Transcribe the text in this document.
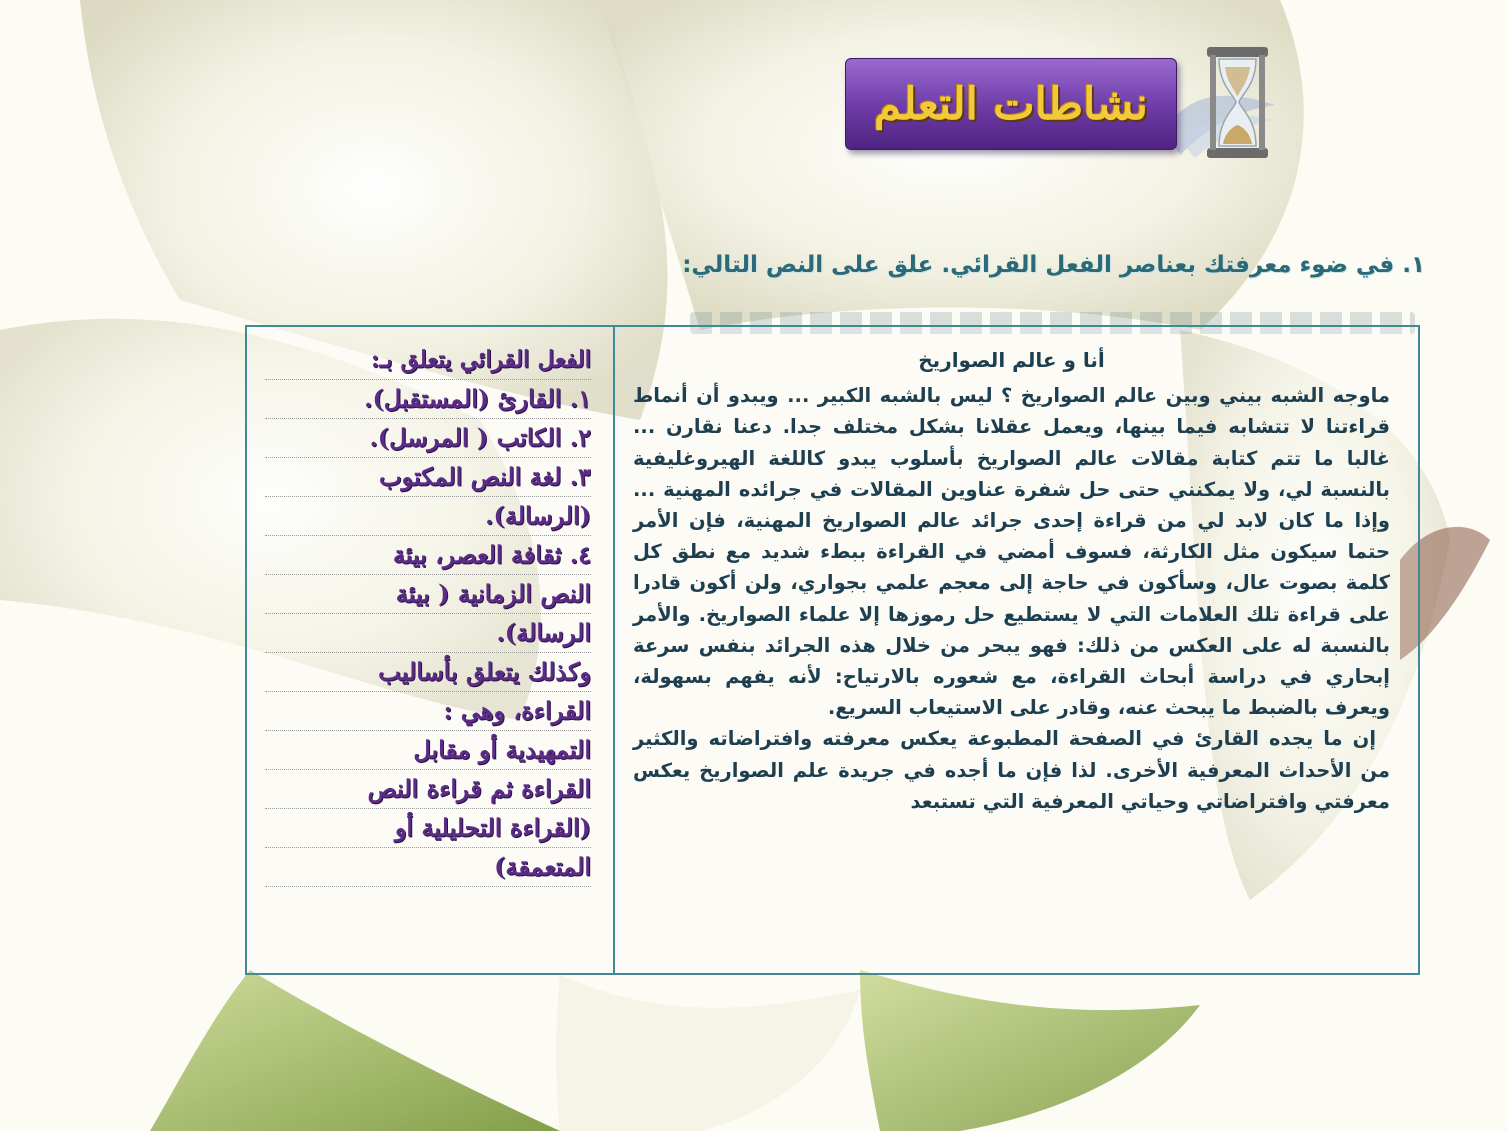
نشاطات التعلم
١. في ضوء معرفتك بعناصر الفعل القرائي. علق على النص التالي:
أنا و عالم الصواريخ

ماوجه الشبه بيني وبين عالم الصواريخ ؟ ليس بالشبه الكبير ... ويبدو أن أنماط قراءتنا لا تتشابه فيما بينها، ويعمل عقلانا بشكل مختلف جدا. دعنا نقارن ... غالبا ما تتم كتابة مقالات عالم الصواريخ بأسلوب يبدو كاللغة الهيروغليفية بالنسبة لي، ولا يمكنني حتى حل شفرة عناوين المقالات في جرائده المهنية ... وإذا ما كان لابد لي من قراءة إحدى جرائد عالم الصواريخ المهنية، فإن الأمر حتما سيكون مثل الكارثة، فسوف أمضي في القراءة ببطء شديد مع نطق كل كلمة بصوت عال، وسأكون في حاجة إلى معجم علمي بجواري، ولن أكون قادرا على قراءة تلك العلامات التي لا يستطيع حل رموزها إلا علماء الصواريخ. والأمر بالنسبة له على العكس من ذلك: فهو يبحر من خلال هذه الجرائد بنفس سرعة إبحاري في دراسة أبحاث القراءة، مع شعوره بالارتياح: لأنه يفهم بسهولة، ويعرف بالضبط ما يبحث عنه، وقادر على الاستيعاب السريع.

إن ما يجده القارئ في الصفحة المطبوعة يعكس معرفته وافتراضاته والكثير من الأحداث المعرفية الأخرى. لذا فإن ما أجده في جريدة علم الصواريخ يعكس معرفتي وافتراضاتي وحياتي المعرفية التي تستبعد

الفعل القرائي يتعلق بـ:
١. القارئ (المستقبل).
٢. الكاتب ( المرسل).
٣. لغة النص المكتوب
(الرسالة).
٤. ثقافة العصر، بيئة
النص الزمانية ( بيئة
الرسالة).
وكذلك يتعلق بأساليب
القراءة، وهي :
التمهيدية أو مقابل
القراءة ثم قراءة النص
(القراءة التحليلية أو
المتعمقة)
